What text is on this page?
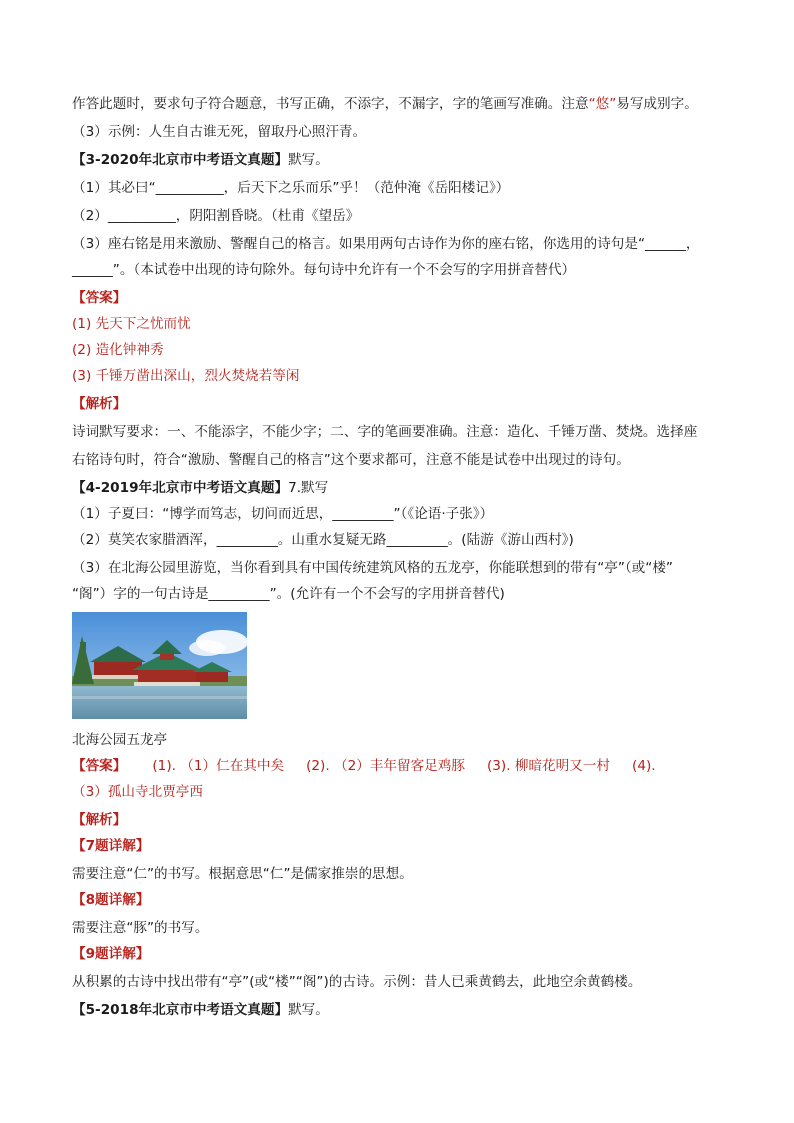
作答此题时，要求句子符合题意，书写正确，不添字，不漏字，字的笔画写准确。注意“悠”易写成别字。
（3）示例：人生自古谁无死，留取丹心照汗青。
【3-2020年北京市中考语文真题】默写。
（1）其必曰“__________，后天下之乐而乐”乎！（范仲淹《岳阳楼记》）
（2）__________，阴阳割昏晓。（杜甫《望岳》
（3）座右铭是用来激励、警醒自己的格言。如果用两句古诗作为你的座右铭，你选用的诗句是“______，
______”。（本试卷中出现的诗句除外。每句诗中允许有一个不会写的字用拼音替代）
【答案】
(1) 先天下之忧而忧
(2) 造化钟神秀
(3) 千锤万凿出深山，烈火焚烧若等闲
【解析】
诗词默写要求：一、不能添字，不能少字；二、字的笔画要准确。注意：造化、千锤万凿、焚烧。选择座
右铭诗句时，符合“激励、警醒自己的格言”这个要求都可，注意不能是试卷中出现过的诗句。
【4-2019年北京市中考语文真题】7.默写
（1）子夏曰：“博学而笃志，切问而近思，_________”（《论语·子张》）
（2）莫笑农家腊酒浑，_________。山重水复疑无路_________。(陆游《游山西村》)
（3）在北海公园里游览，当你看到具有中国传统建筑风格的五龙亭，你能联想到的带有“亭”（或“楼”
“阁”）字的一句古诗是_________”。(允许有一个不会写的字用拼音替代)
北海公园五龙亭
【答案】 (1). （1）仁在其中矣 (2). （2）丰年留客足鸡豚 (3). 柳暗花明又一村 (4).
（3）孤山寺北贾亭西
【解析】
【7题详解】
需要注意“仁”的书写。根据意思“仁”是儒家推崇的思想。
【8题详解】
需要注意“豚”的书写。
【9题详解】
从积累的古诗中找出带有“亭”(或“楼”“阁”)的古诗。示例：昔人已乘黄鹤去，此地空余黄鹤楼。
【5-2018年北京市中考语文真题】默写。
